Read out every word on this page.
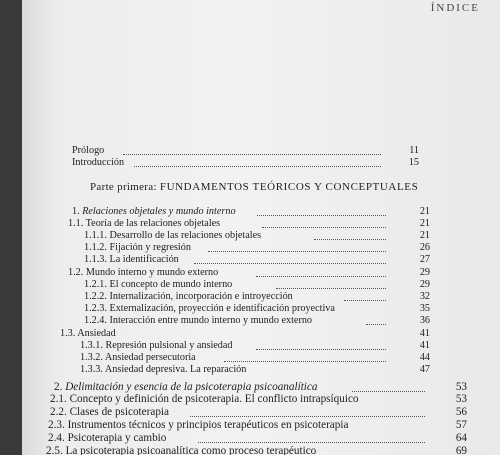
ÍNDICE
Prólogo	11
Introducción	15
Parte primera: FUNDAMENTOS TEÓRICOS Y CONCEPTUALES
1. Relaciones objetales y mundo interno	21
1.1. Teoría de las relaciones objetales	21
1.1.1. Desarrollo de las relaciones objetales	21
1.1.2. Fijación y regresión	26
1.1.3. La identificación	27
1.2. Mundo interno y mundo externo	29
1.2.1. El concepto de mundo interno	29
1.2.2. Internalización, incorporación e introyección	32
1.2.3. Externalización, proyección e identificación proyectiva	35
1.2.4. Interacción entre mundo interno y mundo externo	36
1.3. Ansiedad	41
1.3.1. Represión pulsional y ansiedad	41
1.3.2. Ansiedad persecutoria	44
1.3.3. Ansiedad depresiva. La reparación	47
2. Delimitación y esencia de la psicoterapia psicoanalítica	53
2.1. Concepto y definición de psicoterapia. El conflicto intrapsíquico	53
2.2. Clases de psicoterapia	56
2.3. Instrumentos técnicos y principios terapéuticos en psicoterapia	57
2.4. Psicoterapia y cambio	64
2.5. La psicoterapia psicoanalítica como proceso terapéutico	69
